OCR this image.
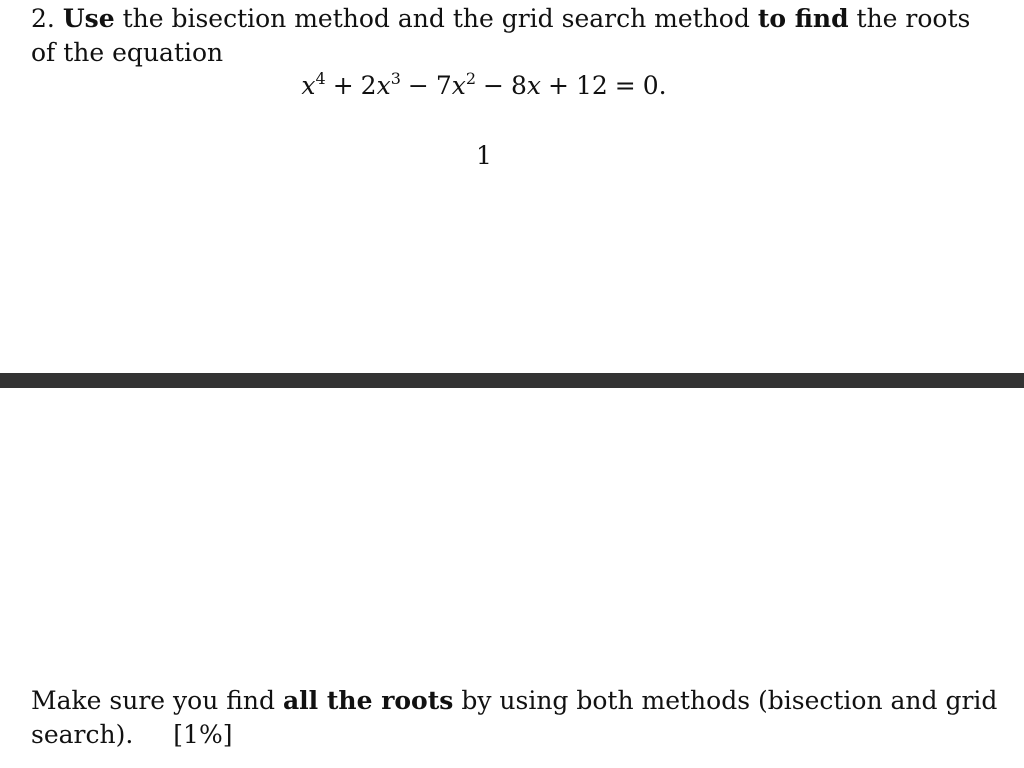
2. Use the bisection method and the grid search method to find the roots

of the equation

$x^4 + 2x^3 - 7x^2 - 8x + 12 = 0$.
1

Make sure you find all the roots by using both methods (bisection and grid

search). [1%]
